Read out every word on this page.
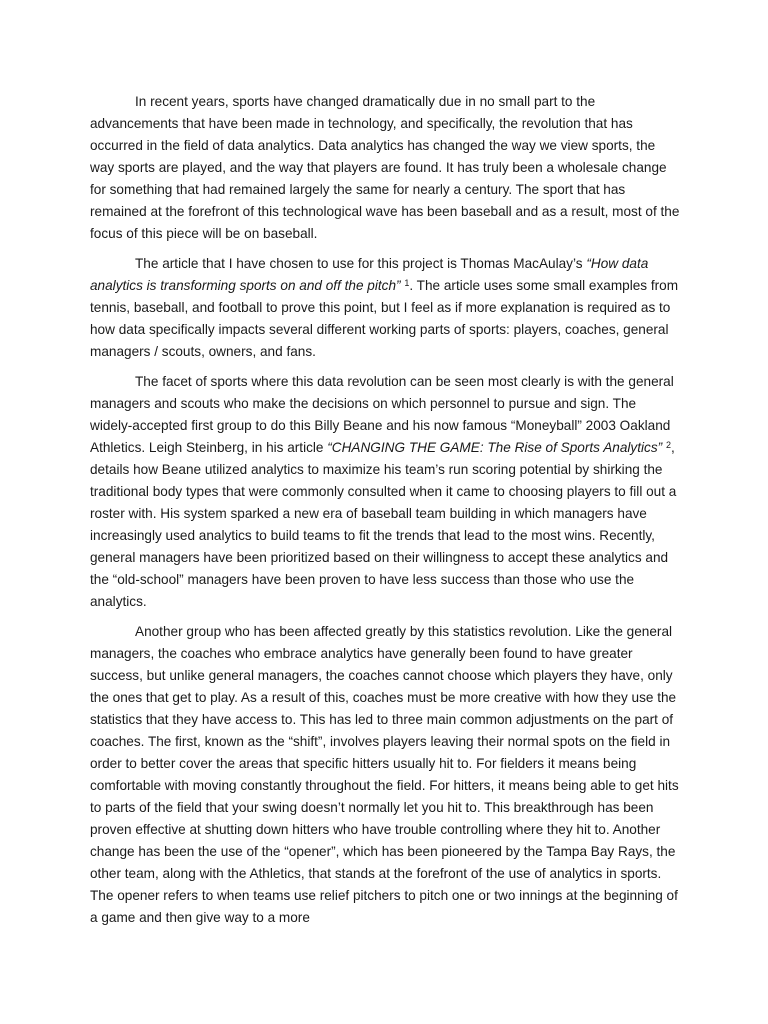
In recent years, sports have changed dramatically due in no small part to the advancements that have been made in technology, and specifically, the revolution that has occurred in the field of data analytics. Data analytics has changed the way we view sports, the way sports are played, and the way that players are found. It has truly been a wholesale change for something that had remained largely the same for nearly a century. The sport that has remained at the forefront of this technological wave has been baseball and as a result, most of the focus of this piece will be on baseball.

The article that I have chosen to use for this project is Thomas MacAulay’s “How data analytics is transforming sports on and off the pitch” $^1$. The article uses some small examples from tennis, baseball, and football to prove this point, but I feel as if more explanation is required as to how data specifically impacts several different working parts of sports: players, coaches, general managers / scouts, owners, and fans.

The facet of sports where this data revolution can be seen most clearly is with the general managers and scouts who make the decisions on which personnel to pursue and sign. The widely-accepted first group to do this Billy Beane and his now famous “Moneyball” 2003 Oakland Athletics. Leigh Steinberg, in his article “CHANGING THE GAME: The Rise of Sports Analytics” $^2$, details how Beane utilized analytics to maximize his team’s run scoring potential by shirking the traditional body types that were commonly consulted when it came to choosing players to fill out a roster with. His system sparked a new era of baseball team building in which managers have increasingly used analytics to build teams to fit the trends that lead to the most wins. Recently, general managers have been prioritized based on their willingness to accept these analytics and the “old-school” managers have been proven to have less success than those who use the analytics.

Another group who has been affected greatly by this statistics revolution. Like the general managers, the coaches who embrace analytics have generally been found to have greater success, but unlike general managers, the coaches cannot choose which players they have, only the ones that get to play. As a result of this, coaches must be more creative with how they use the statistics that they have access to. This has led to three main common adjustments on the part of coaches. The first, known as the “shift”, involves players leaving their normal spots on the field in order to better cover the areas that specific hitters usually hit to. For fielders it means being comfortable with moving constantly throughout the field. For hitters, it means being able to get hits to parts of the field that your swing doesn’t normally let you hit to. This breakthrough has been proven effective at shutting down hitters who have trouble controlling where they hit to. Another change has been the use of the “opener”, which has been pioneered by the Tampa Bay Rays, the other team, along with the Athletics, that stands at the forefront of the use of analytics in sports. The opener refers to when teams use relief pitchers to pitch one or two innings at the beginning of a game and then give way to a more
